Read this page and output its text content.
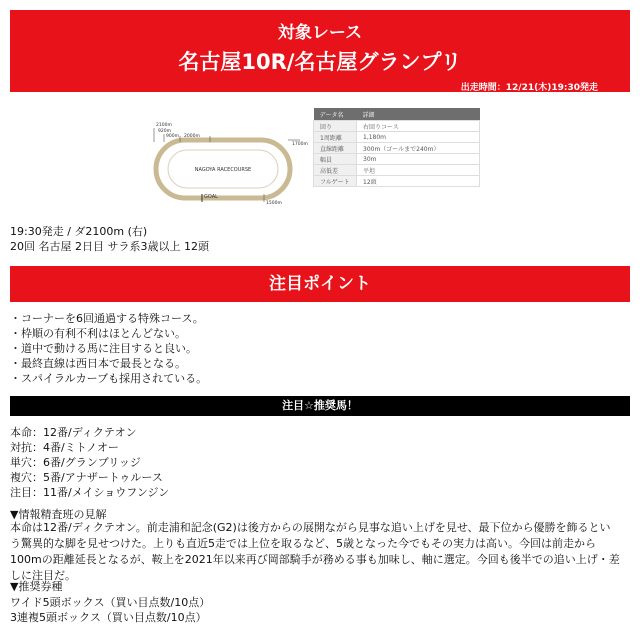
対象レース
名古屋10R/名古屋グランプリ
出走時間：12/21(木)19:30発走
2100m
920m
900m 2000m
1700m
1500m
NAGOYA RACECOURSE
GOAL
データ名	詳細
回り	右回りコース
1周距離	1,180m
直線距離	300m（ゴールまで240m）
幅員	30m
高低差	平坦
フルゲート	12頭
19:30発走 / ダ2100m (右)
20回 名古屋 2日目 サラ系3歳以上 12頭
注目ポイント
・コーナーを6回通過する特殊コース。
・枠順の有利不利はほとんどない。
・道中で動ける馬に注目すると良い。
・最終直線は西日本で最長となる。
・スパイラルカーブも採用されている。
注目☆推奨馬！
本命：12番/ディクテオン
対抗：4番/ミトノオー
単穴：6番/グランブリッジ
複穴：5番/アナザートゥルース
注目：11番/メイショウフンジン
▼情報精査班の見解
本命は12番/ディクテオン。前走浦和記念(G2)は後方からの展開ながら見事な追い上げを見せ、最下位から優勝を飾るという驚異的な脚を見せつけた。上りも直近5走では上位を取るなど、5歳となった今でもその実力は高い。今回は前走から100mの距離延長となるが、鞍上を2021年以来再び岡部騎手が務める事も加味し、軸に選定。今回も後半での追い上げ・差しに注目だ。
▼推奨券種
ワイド5頭ボックス（買い目点数/10点）
3連複5頭ボックス（買い目点数/10点）
